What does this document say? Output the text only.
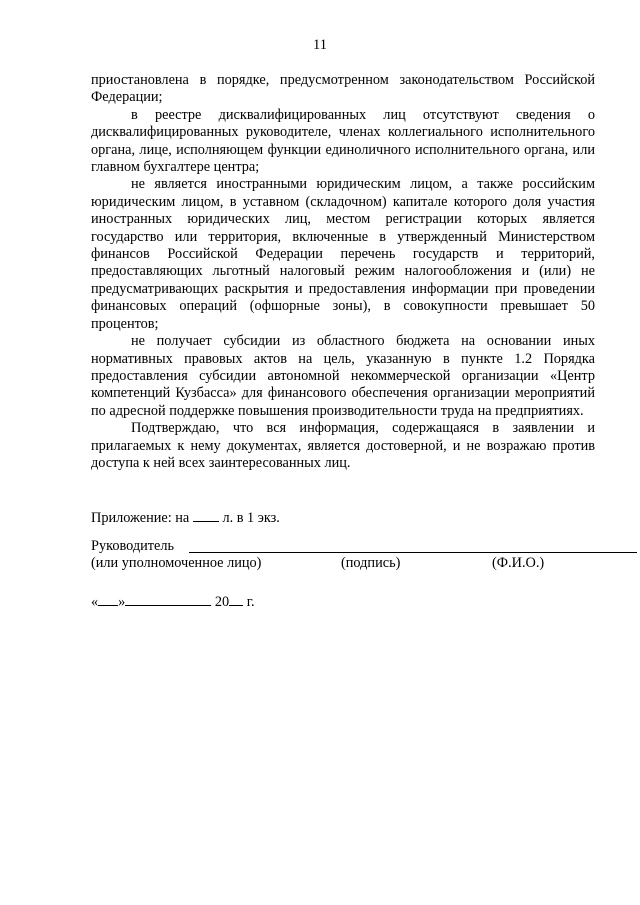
11

приостановлена в порядке, предусмотренном законодательством Российской Федерации;

в реестре дисквалифицированных лиц отсутствуют сведения о дисквалифицированных руководителе, членах коллегиального исполнительного органа, лице, исполняющем функции единоличного исполнительного органа, или главном бухгалтере центра;

не является иностранными юридическим лицом, а также российским юридическим лицом, в уставном (складочном) капитале которого доля участия иностранных юридических лиц, местом регистрации которых является государство или территория, включенные в утвержденный Министерством финансов Российской Федерации перечень государств и территорий, предоставляющих льготный налоговый режим налогообложения и (или) не предусматривающих раскрытия и предоставления информации при проведении финансовых операций (офшорные зоны), в совокупности превышает 50 процентов;

не получает субсидии из областного бюджета на основании иных нормативных правовых актов на цель, указанную в пункте 1.2 Порядка предоставления субсидии автономной некоммерческой организации «Центр компетенций Кузбасса» для финансового обеспечения организации мероприятий по адресной поддержке повышения производительности труда на предприятиях.

Подтверждаю, что вся информация, содержащаяся в заявлении и прилагаемых к нему документах, является достоверной, и не возражаю против доступа к ней всех заинтересованных лиц.

Приложение: на л. в 1 экз.
Руководитель
(или уполномоченное лицо)	(подпись)	(Ф.И.О.)
« »	20 г.
